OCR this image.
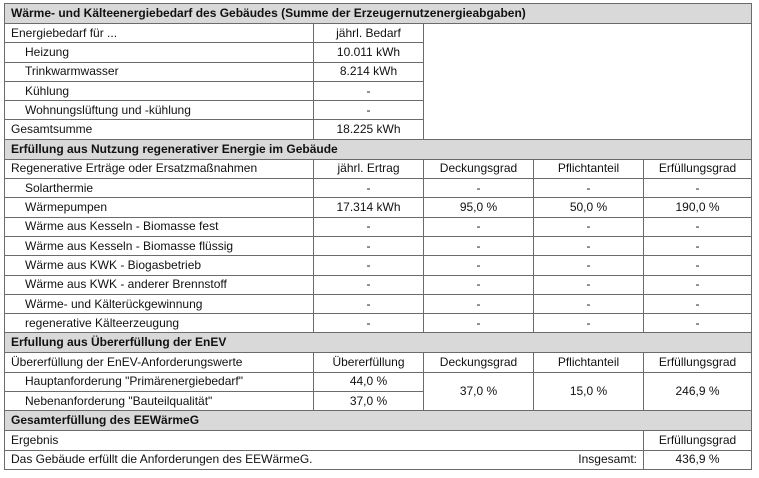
Wärme- und Kälteenergiebedarf des Gebäudes (Summe der Erzeugernutzenergieabgaben)				
Energiebedarf für ...	jährl. Bedarf			
Heizung	10.011 kWh			
Trinkwarmwasser	8.214 kWh			
Kühlung	-			
Wohnungslüftung und -kühlung	-			
Gesamtsumme	18.225 kWh			
Erfüllung aus Nutzung regenerativer Energie im Gebäude				
Regenerative Erträge oder Ersatzmaßnahmen	jährl. Ertrag	Deckungsgrad	Pflichtanteil	Erfüllungsgrad
Solarthermie	-	-	-	-
Wärmepumpen	17.314 kWh	95,0 %	50,0 %	190,0 %
Wärme aus Kesseln - Biomasse fest	-	-	-	-
Wärme aus Kesseln - Biomasse flüssig	-	-	-	-
Wärme aus KWK - Biogasbetrieb	-	-	-	-
Wärme aus KWK - anderer Brennstoff	-	-	-	-
Wärme- und Kälterückgewinnung	-	-	-	-
regenerative Kälteerzeugung	-	-	-	-
Erfullung aus Übererfüllung der EnEV				
Übererfüllung der EnEV-Anforderungswerte	Übererfüllung	Deckungsgrad	Pflichtanteil	Erfüllungsgrad
Hauptanforderung "Primärenergiebedarf"	44,0 %	37,0 %	15,0 %	246,9 %
Nebenanforderung "Bauteilqualität"	37,0 %			
Gesamterfüllung des EEWärmeG				
Ergebnis				Erfüllungsgrad
Das Gebäude erfüllt die Anforderungen des EEWärmeG.			Insgesamt:	436,9 %
